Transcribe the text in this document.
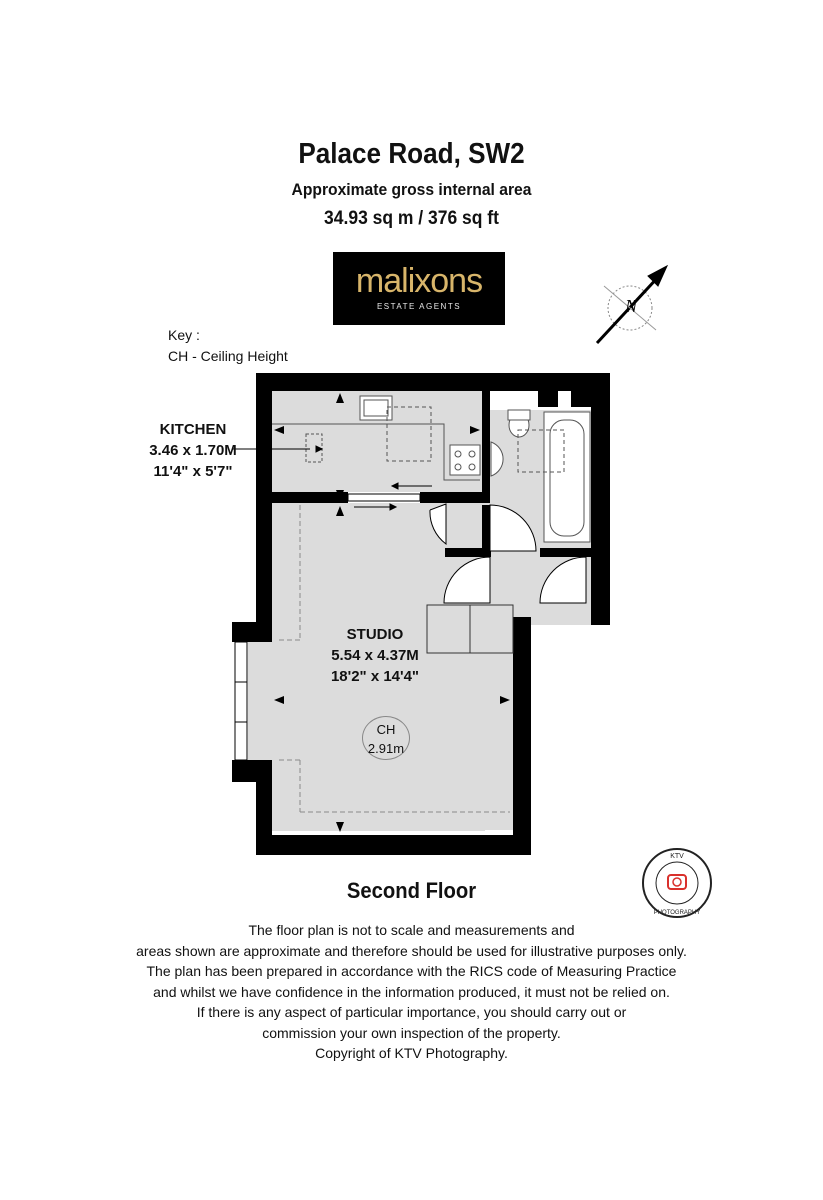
KTV
PHOTOGRAPHY
Palace Road, SW2
Approximate gross internal area
34.93 sq m / 376 sq ft
malixons
ESTATE AGENTS	N
Key :
CH - Ceiling Height
KITCHEN
3.46 x 1.70M
11'4" x 5'7"
STUDIO
5.54 x 4.37M
18'2" x 14'4"
CH
2.91m
Second Floor
The floor plan is not to scale and measurements and
areas shown are approximate and therefore should be used for illustrative purposes only.
The plan has been prepared in accordance with the RICS code of Measuring Practice
and whilst we have confidence in the information produced, it must not be relied on.
If there is any aspect of particular importance, you should carry out or
commission your own inspection of the property.
Copyright of KTV Photography.
